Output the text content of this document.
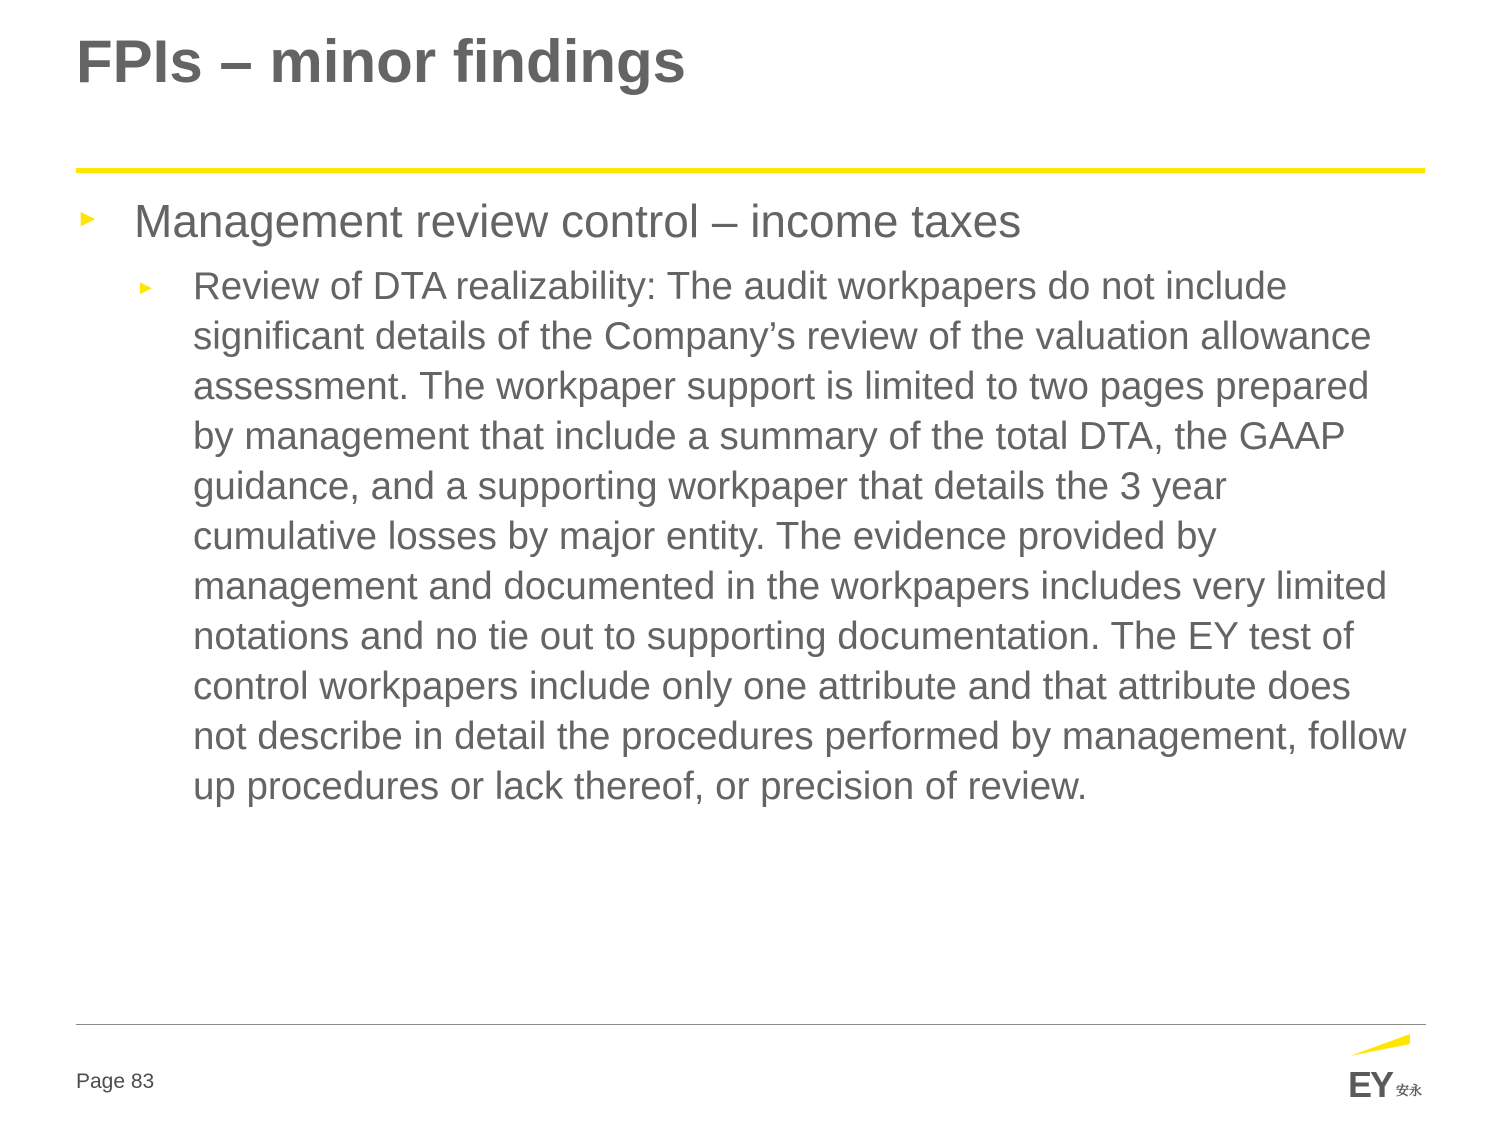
FPIs – minor findings
► Management review control – income taxes
► Review of DTA realizability: The audit workpapers do not include significant details of the Company’s review of the valuation allowance assessment. The workpaper support is limited to two pages prepared by management that include a summary of the total DTA, the GAAP guidance, and a supporting workpaper that details the 3 year cumulative losses by major entity. The evidence provided by management and documented in the workpapers includes very limited notations and no tie out to supporting documentation. The EY test of control workpapers include only one attribute and that attribute does not describe in detail the procedures performed by management, follow up procedures or lack thereof, or precision of review.
Page 83	EY 安永
